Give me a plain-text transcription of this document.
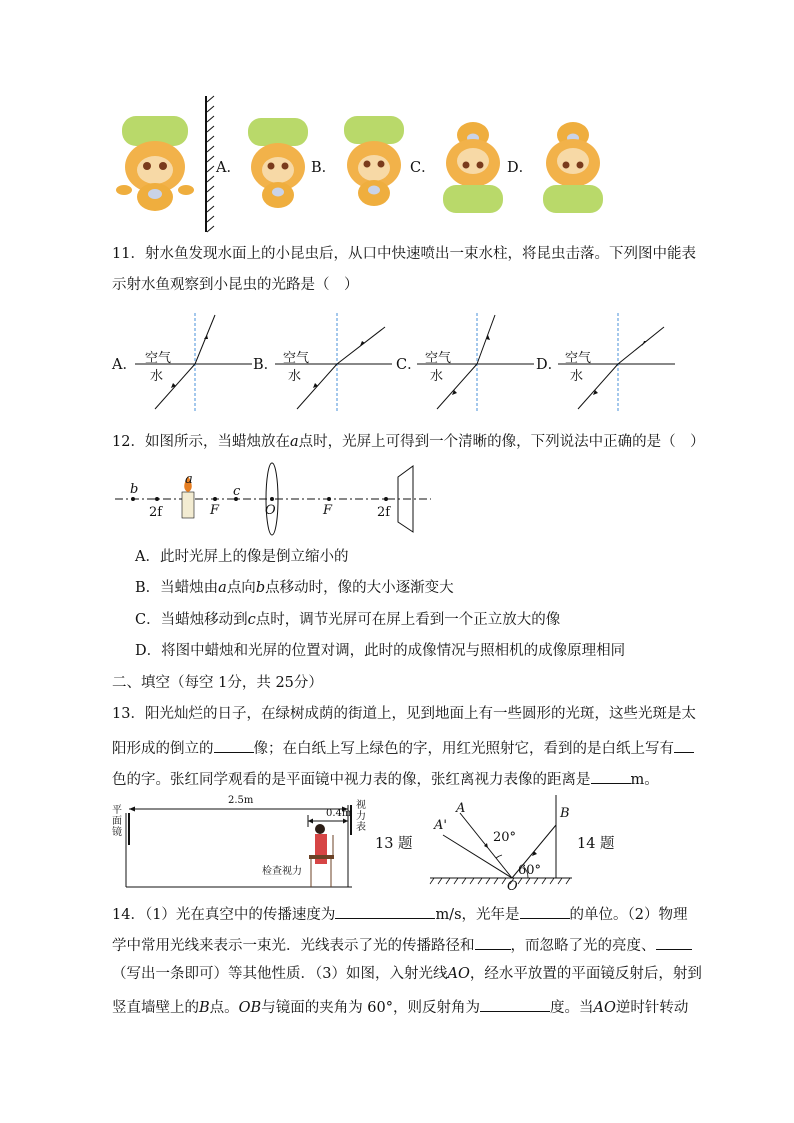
A．	B．	C．	D．
11．射水鱼发现水面上的小昆虫后，从口中快速喷出一束水柱，将昆虫击落。下列图中能表
示射水鱼观察到小昆虫的光路是（　）
A． 空气
水
B． 空气
水
C． 空气
水
D． 空气
水
12．如图所示，当蜡烛放在a点时，光屏上可得到一个清晰的像，下列说法中正确的是（　）
b
2f
a
F
c
O	F	2f
A．此时光屏上的像是倒立缩小的
B．当蜡烛由a点向b点移动时，像的大小逐渐变大
C．当蜡烛移动到c点时，调节光屏可在屏上看到一个正立放大的像
D．将图中蜡烛和光屏的位置对调，此时的成像情况与照相机的成像原理相同
二、填空（每空 1分，共 25分）
13．阳光灿烂的日子，在绿树成荫的街道上，见到地面上有一些圆形的光斑，这些光斑是太
阳形成的倒立的	像；在白纸上写上绿色的字，用红光照射它，看到的是白纸上写有
色的字。张红同学观看的是平面镜中视力表的像，张红离视力表像的距离是	m。
平面镜
视力表
2.5m
0.4m
检查视力
13 题
A
A'
B
O
20°
60°
14 题
14．（1）光在真空中的传播速度为	m/s，光年是	的单位。（2）物理
学中常用光线来表示一束光．光线表示了光的传播路径和 ，而忽略了光的亮度、
（写出一条即可）等其他性质．（3）如图，入射光线AO，经水平放置的平面镜反射后，射到
竖直墙壁上的B点。OB与镜面的夹角为 60°，则反射角为	度。当AO逆时针转动
